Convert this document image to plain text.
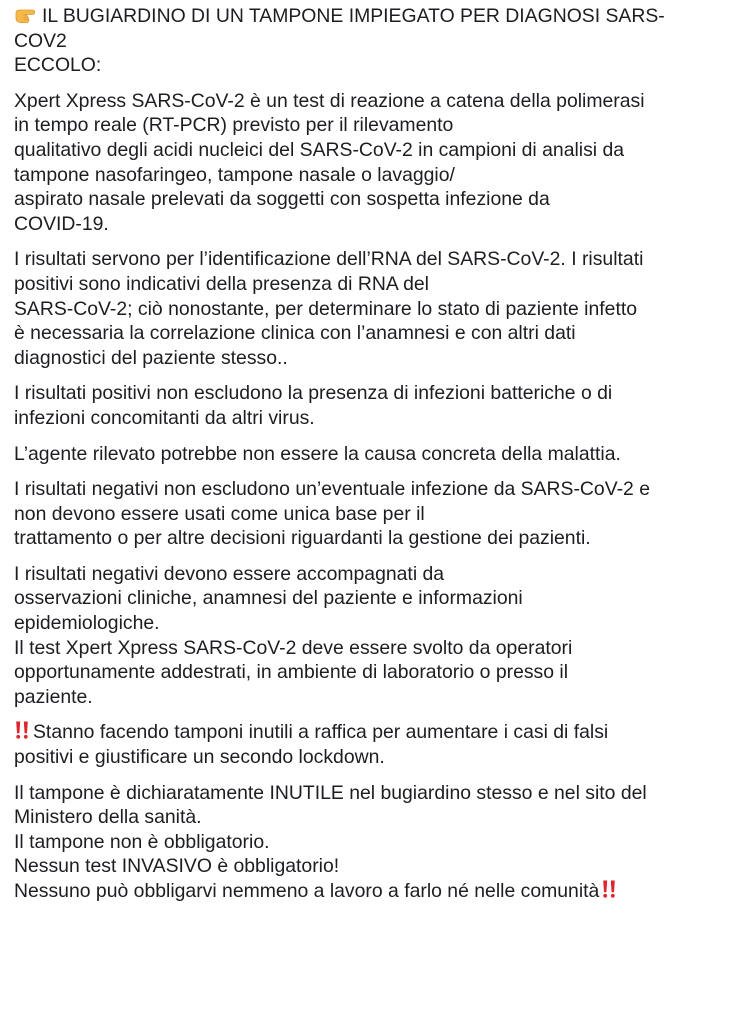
IL BUGIARDINO DI UN TAMPONE IMPIEGATO PER DIAGNOSI SARS-
COV2
ECCOLO:
Xpert Xpress SARS-CoV-2 è un test di reazione a catena della polimerasi
in tempo reale (RT-PCR) previsto per il rilevamento
qualitativo degli acidi nucleici del SARS-CoV-2 in campioni di analisi da
tampone nasofaringeo, tampone nasale o lavaggio/
aspirato nasale prelevati da soggetti con sospetta infezione da
COVID-19.
I risultati servono per l’identificazione dell’RNA del SARS-CoV-2. I risultati
positivi sono indicativi della presenza di RNA del
SARS-CoV-2; ciò nonostante, per determinare lo stato di paziente infetto
è necessaria la correlazione clinica con l’anamnesi e con altri dati
diagnostici del paziente stesso..
I risultati positivi non escludono la presenza di infezioni batteriche o di
infezioni concomitanti da altri virus.
L’agente rilevato potrebbe non essere la causa concreta della malattia.
I risultati negativi non escludono un’eventuale infezione da SARS-CoV-2 e
non devono essere usati come unica base per il
trattamento o per altre decisioni riguardanti la gestione dei pazienti.
I risultati negativi devono essere accompagnati da
osservazioni cliniche, anamnesi del paziente e informazioni
epidemiologiche.
Il test Xpert Xpress SARS-CoV-2 deve essere svolto da operatori
opportunamente addestrati, in ambiente di laboratorio o presso il
paziente.
Stanno facendo tamponi inutili a raffica per aumentare i casi di falsi
positivi e giustificare un secondo lockdown.
Il tampone è dichiaratamente INUTILE nel bugiardino stesso e nel sito del
Ministero della sanità.
Il tampone non è obbligatorio.
Nessun test INVASIVO è obbligatorio!
Nessuno può obbligarvi nemmeno a lavoro a farlo né nelle comunità
